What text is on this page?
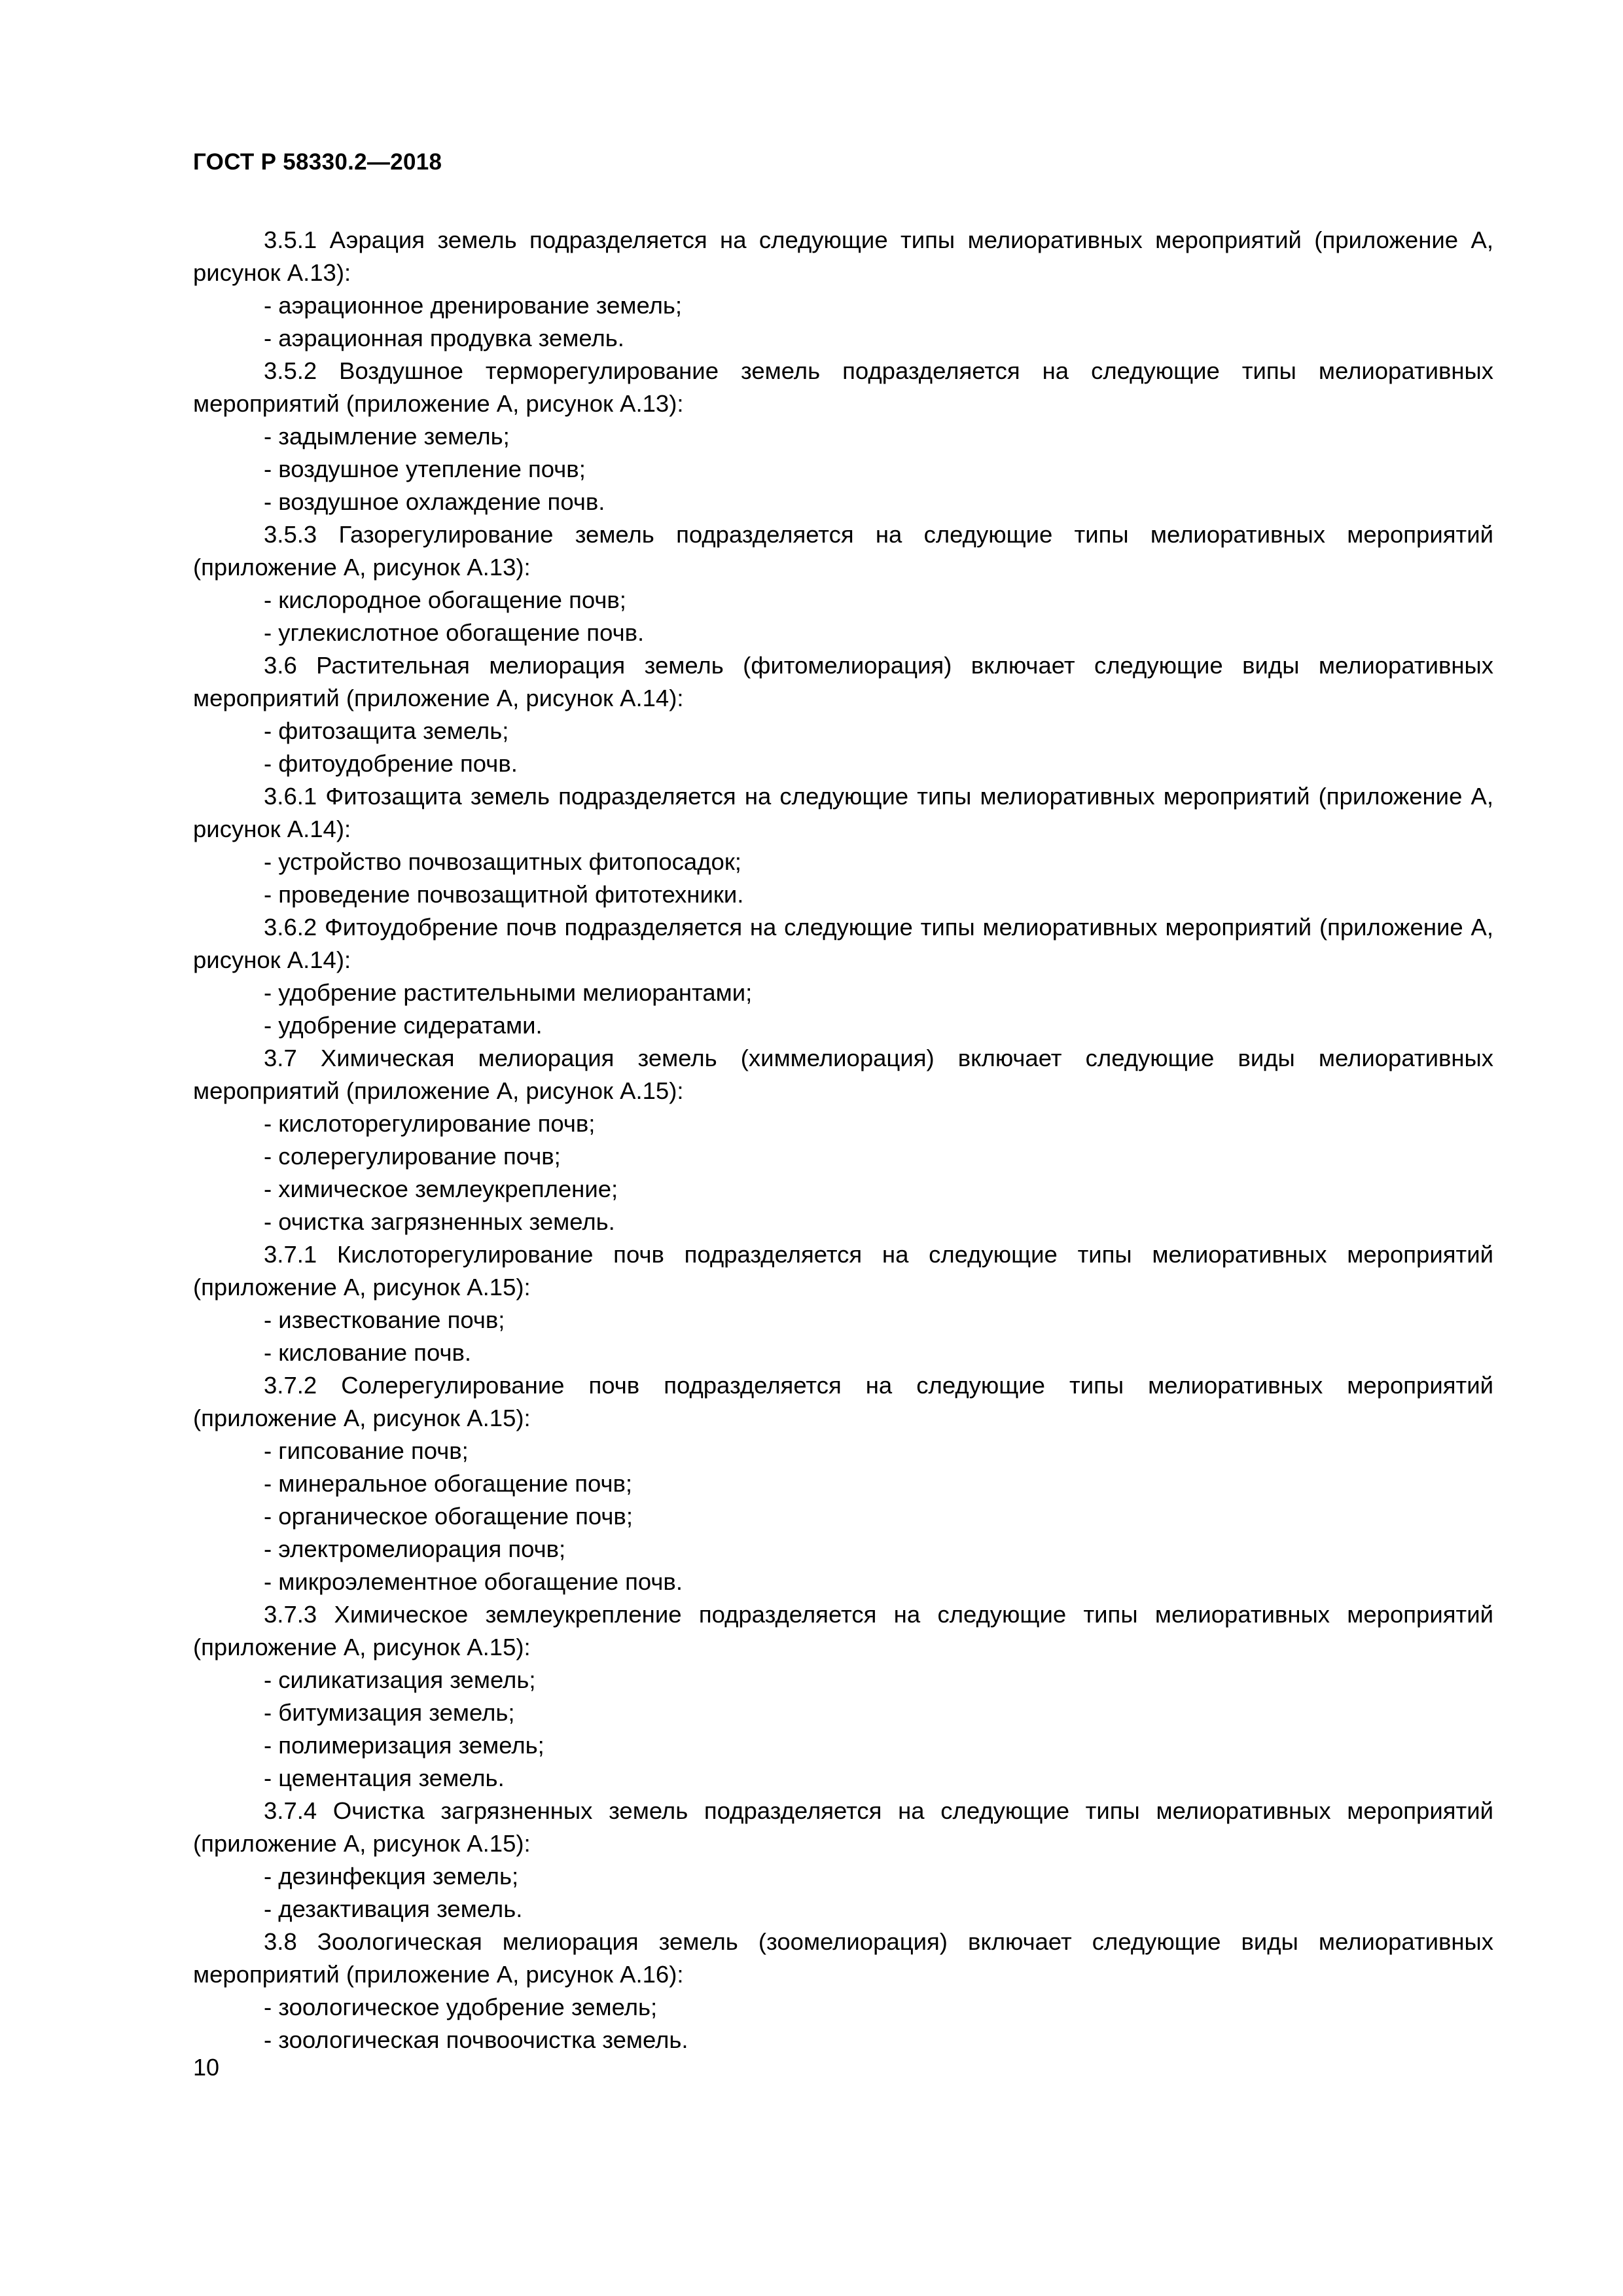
ГОСТ Р 58330.2—2018
3.5.1 Аэрация земель подразделяется на следующие типы мелиоративных мероприятий (приложение А, рисунок А.13):
- аэрационное дренирование земель;
- аэрационная продувка земель.
3.5.2 Воздушное терморегулирование земель подразделяется на следующие типы мелиоративных мероприятий (приложение А, рисунок А.13):
- задымление земель;
- воздушное утепление почв;
- воздушное охлаждение почв.
3.5.3 Газорегулирование земель подразделяется на следующие типы мелиоративных мероприятий (приложение А, рисунок А.13):
- кислородное обогащение почв;
- углекислотное обогащение почв.
3.6 Растительная мелиорация земель (фитомелиорация) включает следующие виды мелиоративных мероприятий (приложение А, рисунок А.14):
- фитозащита земель;
- фитоудобрение почв.
3.6.1 Фитозащита земель подразделяется на следующие типы мелиоративных мероприятий (приложение А, рисунок А.14):
- устройство почвозащитных фитопосадок;
- проведение почвозащитной фитотехники.
3.6.2 Фитоудобрение почв подразделяется на следующие типы мелиоративных мероприятий (приложение А, рисунок А.14):
- удобрение растительными мелиорантами;
- удобрение сидератами.
3.7 Химическая мелиорация земель (химмелиорация) включает следующие виды мелиоративных мероприятий (приложение А, рисунок А.15):
- кислоторегулирование почв;
- солерегулирование почв;
- химическое землеукрепление;
- очистка загрязненных земель.
3.7.1 Кислоторегулирование почв подразделяется на следующие типы мелиоративных мероприятий (приложение А, рисунок А.15):
- известкование почв;
- кислование почв.
3.7.2 Солерегулирование почв подразделяется на следующие типы мелиоративных мероприятий (приложение А, рисунок А.15):
- гипсование почв;
- минеральное обогащение почв;
- органическое обогащение почв;
- электромелиорация почв;
- микроэлементное обогащение почв.
3.7.3 Химическое землеукрепление подразделяется на следующие типы мелиоративных мероприятий (приложение А, рисунок А.15):
- силикатизация земель;
- битумизация земель;
- полимеризация земель;
- цементация земель.
3.7.4 Очистка загрязненных земель подразделяется на следующие типы мелиоративных мероприятий (приложение А, рисунок А.15):
- дезинфекция земель;
- дезактивация земель.
3.8 Зоологическая мелиорация земель (зоомелиорация) включает следующие виды мелиоративных мероприятий (приложение А, рисунок А.16):
- зоологическое удобрение земель;
- зоологическая почвоочистка земель.
10
